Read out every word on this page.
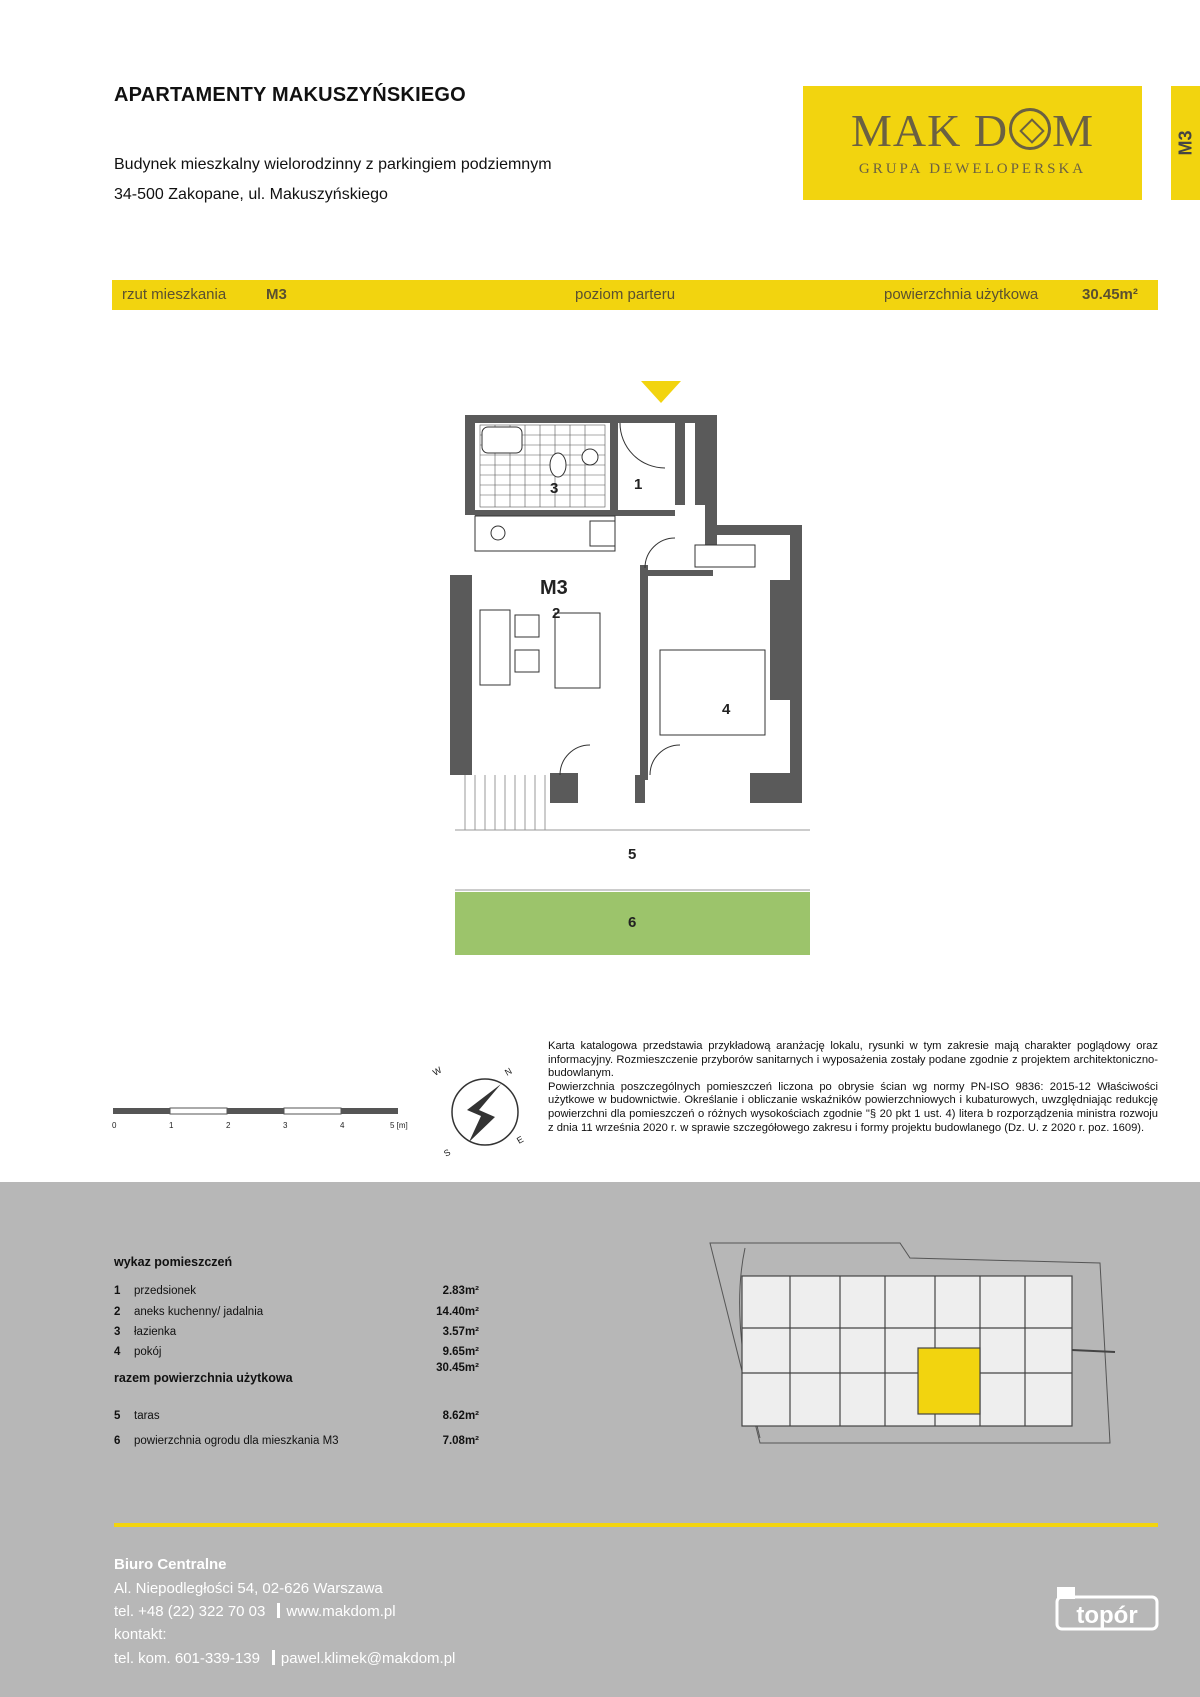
APARTAMENTY MAKUSZYŃSKIEGO
Budynek mieszkalny wielorodzinny z parkingiem podziemnym
34-500 Zakopane, ul. Makuszyńskiego
MAK D M
GRUPA DEWELOPERSKA
M3
rzut mieszkania	M3	poziom parteru	powierzchnia użytkowa	30.45m²
1
2
3
4
5
6
M3
0	1	2	3	4	5 [m]
N
E
S
W

Karta katalogowa przedstawia przykładową aranżację lokalu, rysunki w tym zakresie mają charakter poglądowy oraz informacyjny. Rozmieszczenie przyborów sanitarnych i wyposażenia zostały podane zgodnie z projektem architektoniczno-budowlanym.

Powierzchnia poszczególnych pomieszczeń liczona po obrysie ścian wg normy PN-ISO 9836: 2015-12 Właściwości użytkowe w budownictwie. Określanie i obliczanie wskaźników powierzchniowych i kubaturowych, uwzględniając redukcję powierzchni dla pomieszczeń o różnych wysokościach zgodnie "§ 20 pkt 1 ust. 4) litera b rozporządzenia ministra rozwoju z dnia 11 września 2020 r. w sprawie szczegółowego zakresu i formy projektu budowlanego (Dz. U. z 2020 r. poz. 1609).

wykaz pomieszczeń
1 przedsionek	2.83m²
2 aneks kuchenny/ jadalnia	14.40m²
3 łazienka	3.57m²
4 pokój	9.65m²
razem powierzchnia użytkowa
30.45m²
5 taras	8.62m²
6 powierzchnia ogrodu dla mieszkania M3	7.08m²
Biuro Centralne
Al. Niepodległości 54, 02-626 Warszawa
tel. +48 (22) 322 70 03 www.makdom.pl
kontakt:
tel. kom. 601-339-139 pawel.klimek@makdom.pl
topór
